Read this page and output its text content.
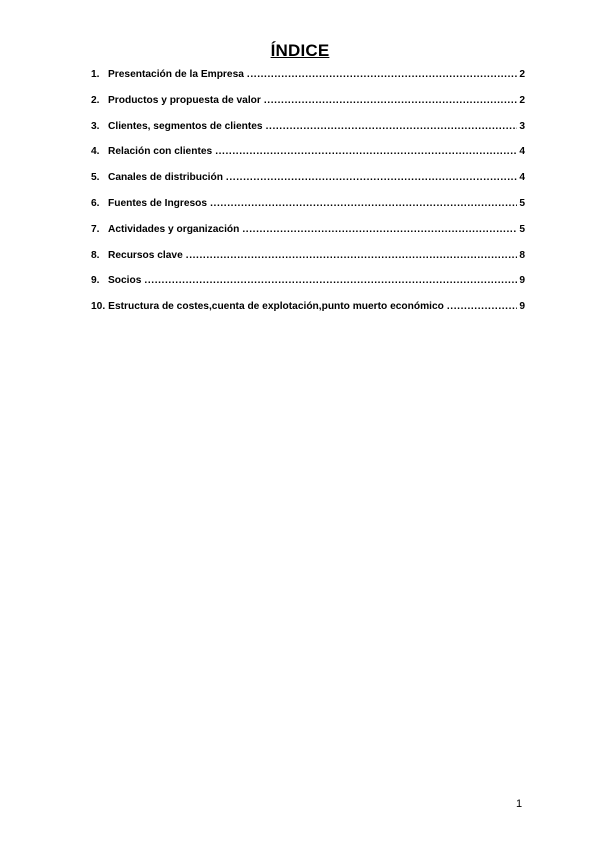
ÍNDICE
1. Presentación de la Empresa .....	2
2. Productos y propuesta de valor .....	2
3. Clientes, segmentos de clientes .....	3
4. Relación con clientes .....	4
5. Canales de distribución .....	4
6. Fuentes de Ingresos .....	5
7. Actividades y organización .....	5
8. Recursos clave .....	8
9. Socios .....	9
10. Estructura de costes,cuenta de explotación,punto muerto económico .....	9
1
